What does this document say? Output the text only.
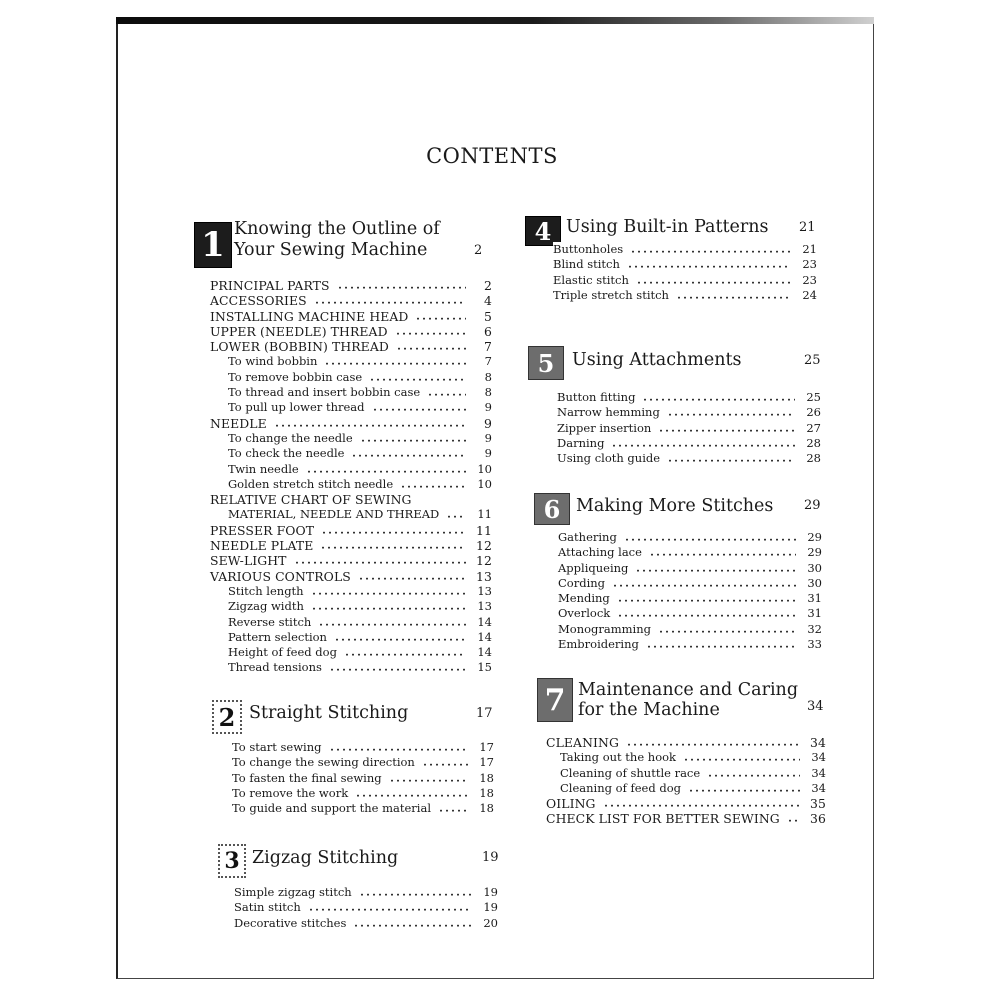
CONTENTS
1 Knowing the Outline of
Your Sewing Machine	2
PRINCIPAL PARTS	2
ACCESSORIES	4
INSTALLING MACHINE HEAD	5
UPPER (NEEDLE) THREAD	6
LOWER (BOBBIN) THREAD	7
To wind bobbin	7
To remove bobbin case	8
To thread and insert bobbin case	8
To pull up lower thread	9
NEEDLE	9
To change the needle	9
To check the needle	9
Twin needle	10
Golden stretch stitch needle	10
RELATIVE CHART OF SEWING
MATERIAL, NEEDLE AND THREAD	11
PRESSER FOOT	11
NEEDLE PLATE	12
SEW-LIGHT	12
VARIOUS CONTROLS	13
Stitch length	13
Zigzag width	13
Reverse stitch	14
Pattern selection	14
Height of feed dog	14
Thread tensions	15
2 Straight Stitching	17
To start sewing	17
To change the sewing direction	17
To fasten the final sewing	18
To remove the work	18
To guide and support the material	18
3 Zigzag Stitching	19
Simple zigzag stitch	19
Satin stitch	19
Decorative stitches	20
4 Using Built-in Patterns 21
Buttonholes	21
Blind stitch	23
Elastic stitch	23
Triple stretch stitch	24
5	Using Attachments	25
Button fitting	25
Narrow hemming	26
Zipper insertion	27
Darning	28
Using cloth guide	28
6 Making More Stitches 29
Gathering	29
Attaching lace	29
Appliqueing	30
Cording	30
Mending	31
Overlock	31
Monogramming	32
Embroidering	33
7 Maintenance and Caring
for the Machine	34
CLEANING	34
Taking out the hook	34
Cleaning of shuttle race	34
Cleaning of feed dog	34
OILING	35
CHECK LIST FOR BETTER SEWING	36
